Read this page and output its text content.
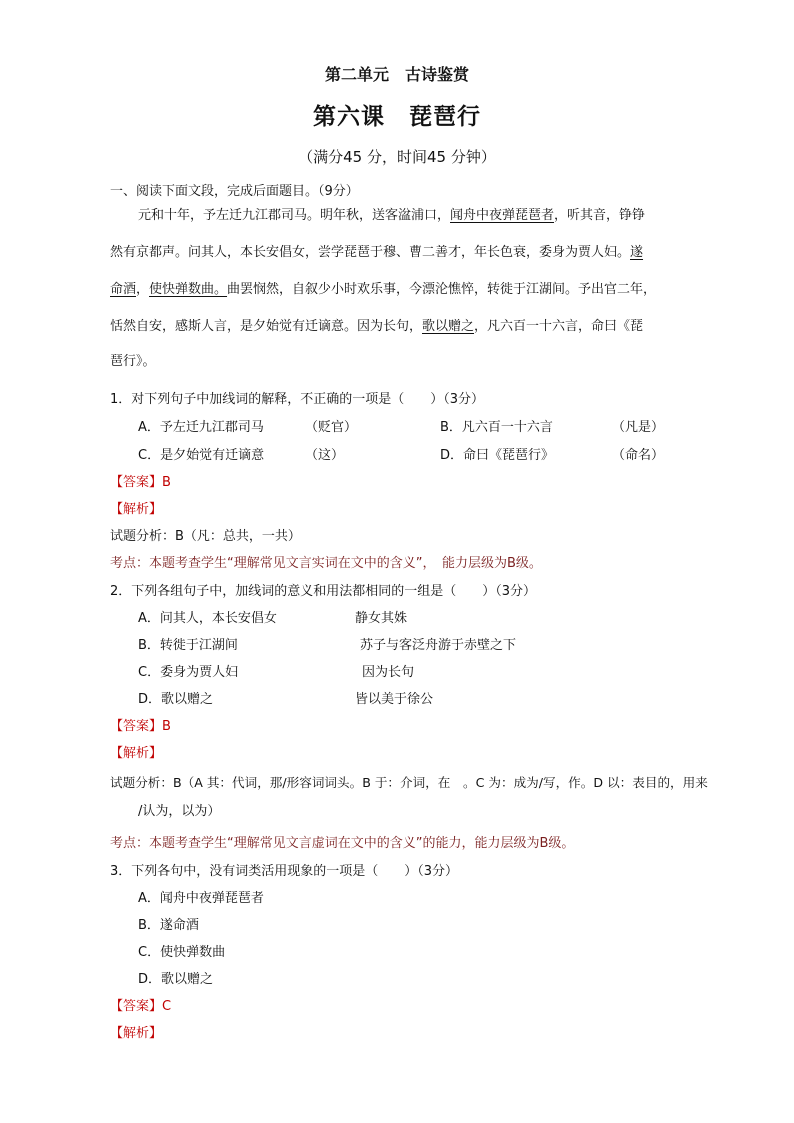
第二单元　古诗鉴赏
第六课　琵琶行
（满分45 分，时间45 分钟）
一、阅读下面文段，完成后面题目。（9分）
元和十年，予左迁九江郡司马。明年秋，送客湓浦口，闻舟中夜弹琵琶者，听其音，铮铮
然有京都声。问其人，本长安倡女，尝学琵琶于穆、曹二善才，年长色衰，委身为贾人妇。遂
命酒，使快弹数曲。曲罢悯然，自叙少小时欢乐事，今漂沦憔悴，转徙于江湖间。予出官二年，
恬然自安，感斯人言，是夕始觉有迁谪意。因为长句，歌以赠之，凡六百一十六言，命曰《琵
琶行》。
1．对下列句子中加线词的解释，不正确的一项是（　　）（3分）
A．予左迁九江郡司马	（贬官）	B．凡六百一十六言	（凡是）
C．是夕始觉有迁谪意	（这）	D．命曰《琵琶行》	（命名）
【答案】B
【解析】
试题分析：B（凡：总共，一共）
考点：本题考查学生“理解常见文言实词在文中的含义”，　能力层级为B级。
2．下列各组句子中，加线词的意义和用法都相同的一组是（　　）（3分）
A．问其人，本长安倡女	静女其姝
B．转徙于江湖间	苏子与客泛舟游于赤壁之下
C．委身为贾人妇	因为长句
D．歌以赠之	皆以美于徐公
【答案】B
【解析】
试题分析：B（A 其：代词，那/形容词词头。B 于：介词，在　。C 为：成为/写，作。D 以：表目的，用来
/认为，以为）
考点：本题考查学生“理解常见文言虚词在文中的含义”的能力，能力层级为B级。
3．下列各句中，没有词类活用现象的一项是（　　）（3分）
A．闻舟中夜弹琵琶者
B．遂命酒
C．使快弹数曲
D．歌以赠之
【答案】C
【解析】
